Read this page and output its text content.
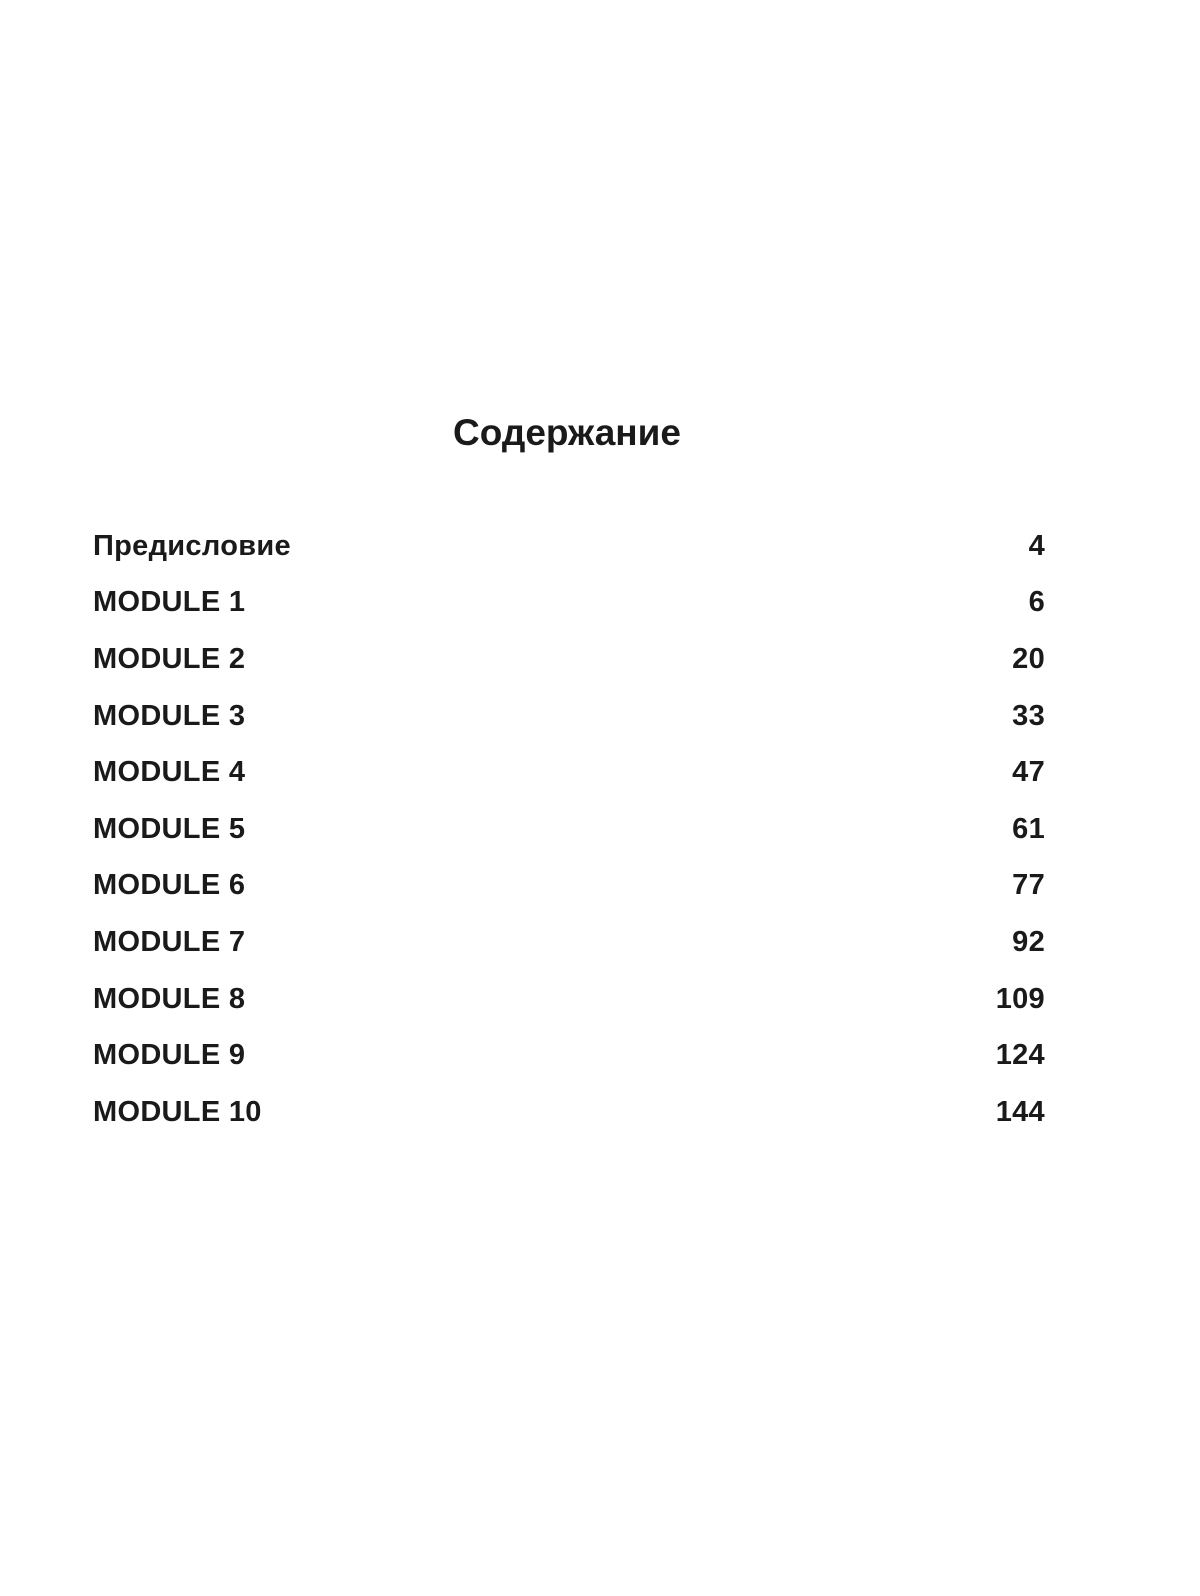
Содержание
Предисловие	4
MODULE 1	6
MODULE 2	20
MODULE 3	33
MODULE 4	47
MODULE 5	61
MODULE 6	77
MODULE 7	92
MODULE 8	109
MODULE 9	124
MODULE 10	144
